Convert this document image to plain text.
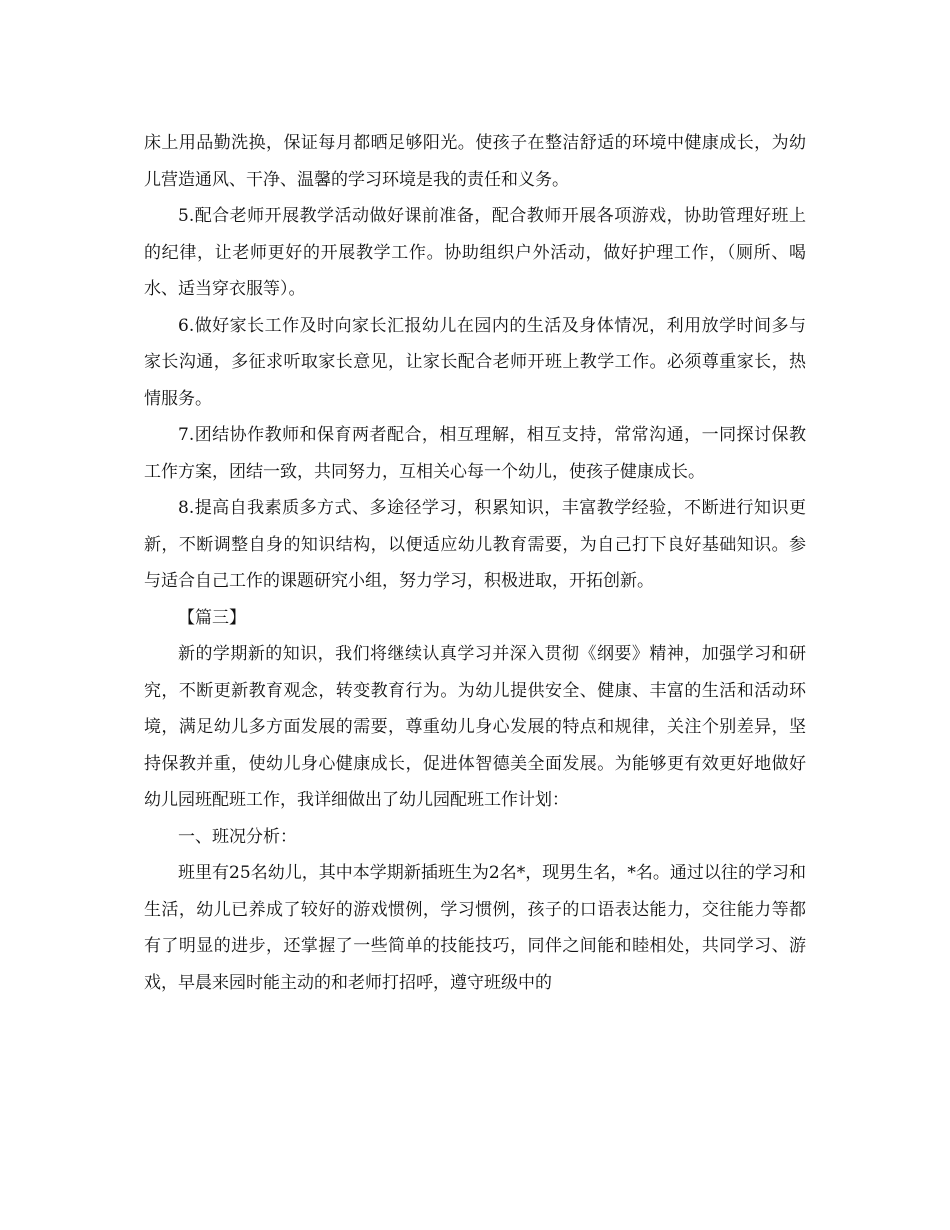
床上用品勤洗换，保证每月都晒足够阳光。使孩子在整洁舒适的环境中健康成长，为幼儿营造通风、干净、温馨的学习环境是我的责任和义务。

5.配合老师开展教学活动做好课前准备，配合教师开展各项游戏，协助管理好班上的纪律，让老师更好的开展教学工作。协助组织户外活动，做好护理工作，（厕所、喝水、适当穿衣服等）。

6.做好家长工作及时向家长汇报幼儿在园内的生活及身体情况，利用放学时间多与家长沟通，多征求听取家长意见，让家长配合老师开班上教学工作。必须尊重家长，热情服务。

7.团结协作教师和保育两者配合，相互理解，相互支持，常常沟通，一同探讨保教工作方案，团结一致，共同努力，互相关心每一个幼儿，使孩子健康成长。

8.提高自我素质多方式、多途径学习，积累知识，丰富教学经验，不断进行知识更新，不断调整自身的知识结构，以便适应幼儿教育需要，为自己打下良好基础知识。参与适合自己工作的课题研究小组，努力学习，积极进取，开拓创新。

【篇三】

新的学期新的知识，我们将继续认真学习并深入贯彻《纲要》精神，加强学习和研究，不断更新教育观念，转变教育行为。为幼儿提供安全、健康、丰富的生活和活动环境，满足幼儿多方面发展的需要，尊重幼儿身心发展的特点和规律，关注个别差异，坚持保教并重，使幼儿身心健康成长，促进体智德美全面发展。为能够更有效更好地做好幼儿园班配班工作，我详细做出了幼儿园配班工作计划：

一、班况分析：

班里有25名幼儿，其中本学期新插班生为2名*，现男生名，*名。通过以往的学习和生活，幼儿已养成了较好的游戏惯例，学习惯例，孩子的口语表达能力，交往能力等都有了明显的进步，还掌握了一些简单的技能技巧，同伴之间能和睦相处，共同学习、游戏，早晨来园时能主动的和老师打招呼，遵守班级中的
